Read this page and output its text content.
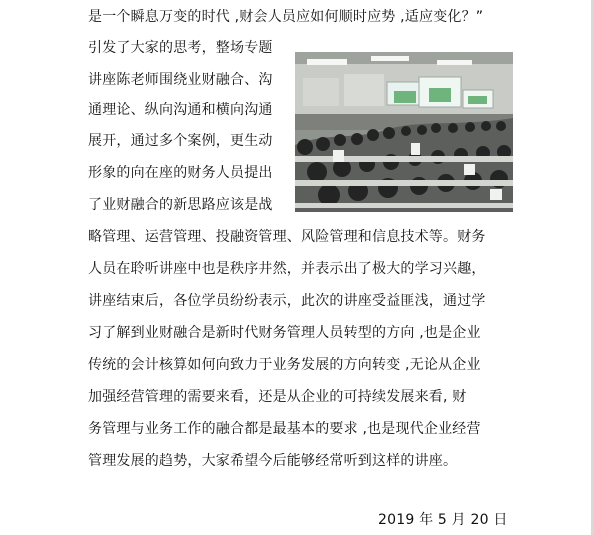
是一个瞬息万变的时代 ,财会人员应如何顺时应势 ,适应变化？”
引发了大家的思考，整场专题
讲座陈老师围绕业财融合、沟
通理论、纵向沟通和横向沟通
展开，通过多个案例，更生动
形象的向在座的财务人员提出
了业财融合的新思路应该是战
略管理、运营管理、投融资管理、风险管理和信息技术等。财务
人员在聆听讲座中也是秩序井然，并表示出了极大的学习兴趣，
讲座结束后，各位学员纷纷表示，此次的讲座受益匪浅，通过学
习了解到业财融合是新时代财务管理人员转型的方向 ,也是企业
传统的会计核算如何向致力于业务发展的方向转变 ,无论从企业
加强经营管理的需要来看，还是从企业的可持续发展来看, 财
务管理与业务工作的融合都是最基本的要求 ,也是现代企业经营
管理发展的趋势，大家希望今后能够经常听到这样的讲座。
2019 年 5 月 20 日
